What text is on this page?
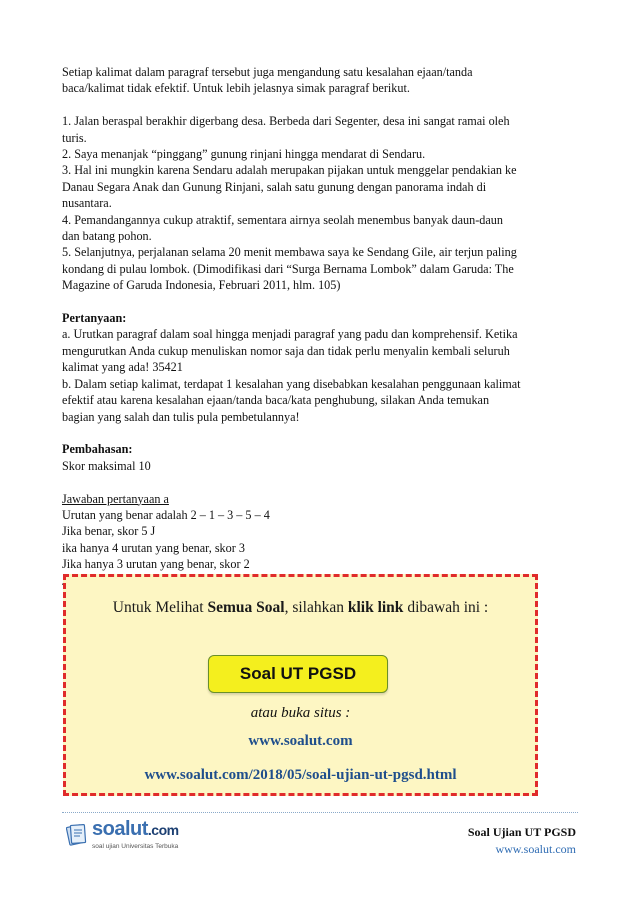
Setiap kalimat dalam paragraf tersebut juga mengandung satu kesalahan ejaan/tanda

baca/kalimat tidak efektif. Untuk lebih jelasnya simak paragraf berikut.

1. Jalan beraspal berakhir digerbang desa. Berbeda dari Segenter, desa ini sangat ramai oleh

turis.

2. Saya menanjak “pinggang” gunung rinjani hingga mendarat di Sendaru.

3. Hal ini mungkin karena Sendaru adalah merupakan pijakan untuk menggelar pendakian ke

Danau Segara Anak dan Gunung Rinjani, salah satu gunung dengan panorama indah di

nusantara.

4. Pemandangannya cukup atraktif, sementara airnya seolah menembus banyak daun-daun

dan batang pohon.

5. Selanjutnya, perjalanan selama 20 menit membawa saya ke Sendang Gile, air terjun paling

kondang di pulau lombok. (Dimodifikasi dari “Surga Bernama Lombok” dalam Garuda: The

Magazine of Garuda Indonesia, Februari 2011, hlm. 105)

Pertanyaan:

a. Urutkan paragraf dalam soal hingga menjadi paragraf yang padu dan komprehensif. Ketika

mengurutkan Anda cukup menuliskan nomor saja dan tidak perlu menyalin kembali seluruh

kalimat yang ada! 35421

b. Dalam setiap kalimat, terdapat 1 kesalahan yang disebabkan kesalahan penggunaan kalimat

efektif atau karena kesalahan ejaan/tanda baca/kata penghubung, silakan Anda temukan

bagian yang salah dan tulis pula pembetulannya!

Pembahasan:

Skor maksimal 10

Jawaban pertanyaan a

Urutan yang benar adalah 2 – 1 – 3 – 5 – 4

Jika benar, skor 5 J

ika hanya 4 urutan yang benar, skor 3

Jika hanya 3 urutan yang benar, skor 2

Untuk Melihat Semua Soal, silahkan klik link dibawah ini :
Soal UT PGSD
atau buka situs :
www.soalut.com
www.soalut.com/2018/05/soal-ujian-ut-pgsd.html
soalut.com
soal ujian Universitas Terbuka
Soal Ujian UT PGSD
www.soalut.com
